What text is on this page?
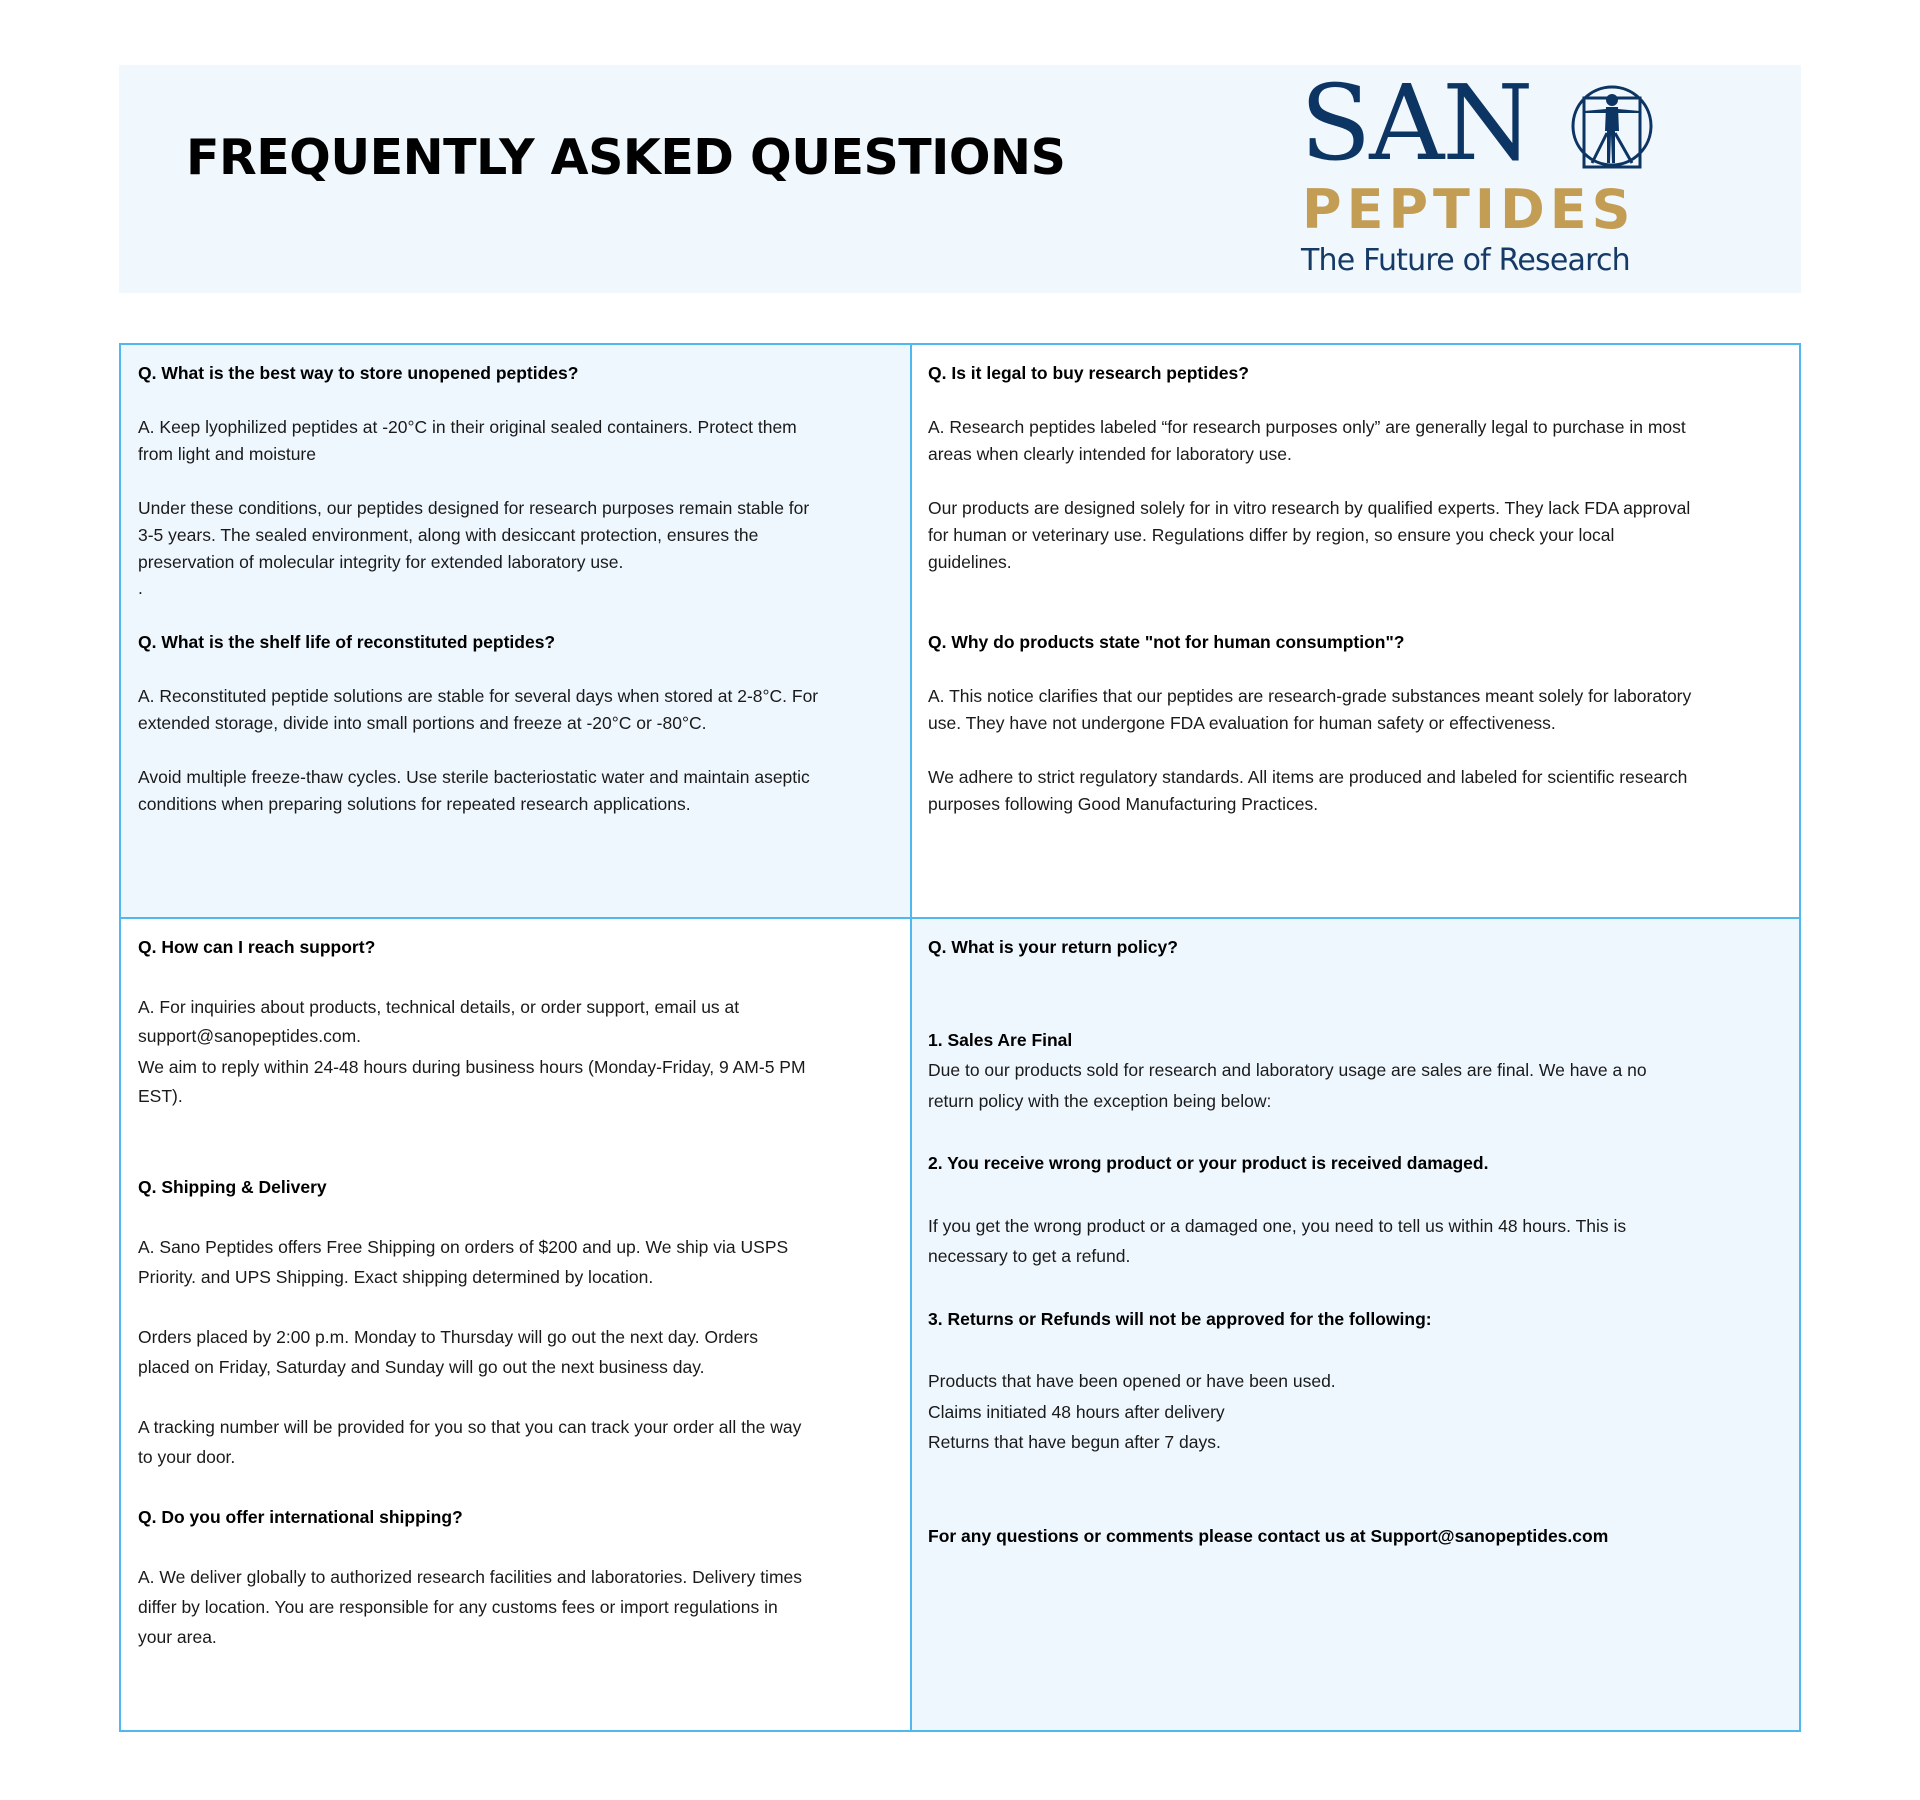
FREQUENTLY ASKED QUESTIONS SAN
PEPTIDES
The Future of Research
Q. What is the best way to store unopened peptides?
A. Keep lyophilized peptides at -20°C in their original sealed containers. Protect them
from light and moisture
Under these conditions, our peptides designed for research purposes remain stable for
3-5 years. The sealed environment, along with desiccant protection, ensures the
preservation of molecular integrity for extended laboratory use.
.
Q. What is the shelf life of reconstituted peptides?
A. Reconstituted peptide solutions are stable for several days when stored at 2-8°C. For
extended storage, divide into small portions and freeze at -20°C or -80°C.
Avoid multiple freeze-thaw cycles. Use sterile bacteriostatic water and maintain aseptic
conditions when preparing solutions for repeated research applications.
Q. Is it legal to buy research peptides?
A. Research peptides labeled “for research purposes only” are generally legal to purchase in most
areas when clearly intended for laboratory use.
Our products are designed solely for in vitro research by qualified experts. They lack FDA approval
for human or veterinary use. Regulations differ by region, so ensure you check your local
guidelines.
Q. Why do products state "not for human consumption"?
A. This notice clarifies that our peptides are research-grade substances meant solely for laboratory
use. They have not undergone FDA evaluation for human safety or effectiveness.
We adhere to strict regulatory standards. All items are produced and labeled for scientific research
purposes following Good Manufacturing Practices.
Q. How can I reach support?
A. For inquiries about products, technical details, or order support, email us at
support@sanopeptides.com.
We aim to reply within 24-48 hours during business hours (Monday-Friday, 9 AM-5 PM
EST).
Q. Shipping & Delivery
A. Sano Peptides offers Free Shipping on orders of $200 and up. We ship via USPS
Priority. and UPS Shipping. Exact shipping determined by location.
Orders placed by 2:00 p.m. Monday to Thursday will go out the next day. Orders
placed on Friday, Saturday and Sunday will go out the next business day.
A tracking number will be provided for you so that you can track your order all the way
to your door.
Q. Do you offer international shipping?
A. We deliver globally to authorized research facilities and laboratories. Delivery times
differ by location. You are responsible for any customs fees or import regulations in
your area.
Q. What is your return policy?
1. Sales Are Final
Due to our products sold for research and laboratory usage are sales are final. We have a no
return policy with the exception being below:
2. You receive wrong product or your product is received damaged.
If you get the wrong product or a damaged one, you need to tell us within 48 hours. This is
necessary to get a refund.
3. Returns or Refunds will not be approved for the following:
Products that have been opened or have been used.
Claims initiated 48 hours after delivery
Returns that have begun after 7 days.
For any questions or comments please contact us at Support@sanopeptides.com
